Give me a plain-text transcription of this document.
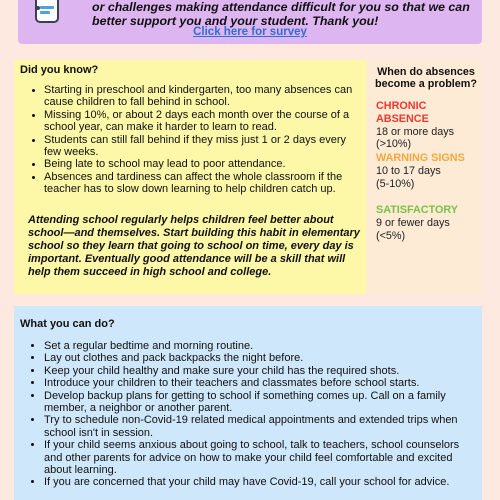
or challenges making attendance difficult for you so that we can better support you and your student. Thank you!
Click here for survey
Did you know?
• Starting in preschool and kindergarten, too many absences can cause children to fall behind in school.
• Missing 10%, or about 2 days each month over the course of a school year, can make it harder to learn to read.
• Students can still fall behind if they miss just 1 or 2 days every few weeks.
• Being late to school may lead to poor attendance.
• Absences and tardiness can affect the whole classroom if the teacher has to slow down learning to help children catch up.
Attending school regularly helps children feel better about school—and themselves. Start building this habit in elementary school so they learn that going to school on time, every day is important. Eventually good attendance will be a skill that will help them succeed in high school and college.
When do absences become a problem?
CHRONIC ABSENCE
18 or more days
(>10%)
WARNING SIGNS
10 to 17 days
(5-10%)
SATISFACTORY
9 or fewer days
(<5%)
What you can do?
• Set a regular bedtime and morning routine.
• Lay out clothes and pack backpacks the night before.
• Keep your child healthy and make sure your child has the required shots.
• Introduce your children to their teachers and classmates before school starts.
• Develop backup plans for getting to school if something comes up. Call on a family member, a neighbor or another parent.
• Try to schedule non-Covid-19 related medical appointments and extended trips when school isn't in session.
• If your child seems anxious about going to school, talk to teachers, school counselors and other parents for advice on how to make your child feel comfortable and excited about learning.
• If you are concerned that your child may have Covid-19, call your school for advice.
